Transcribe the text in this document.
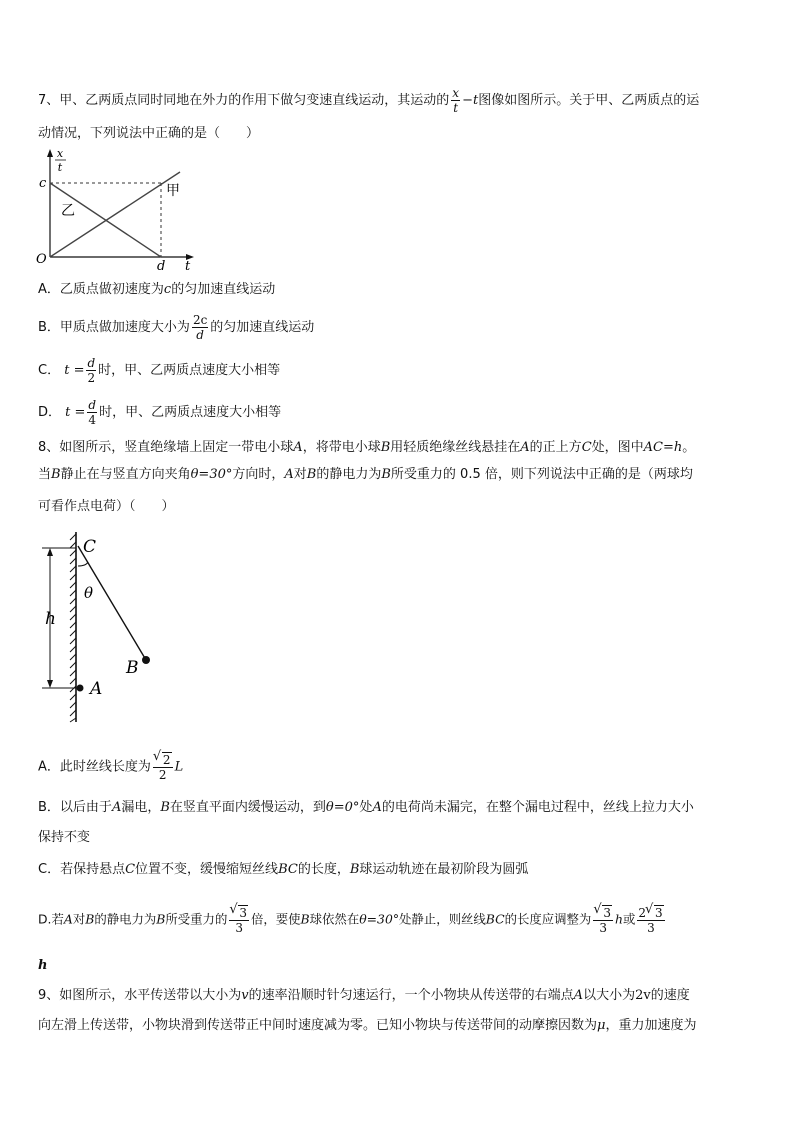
7、甲、乙两质点同时同地在外力的作用下做匀变速直线运动，其运动的 $\frac{x}{t} -t$图像如图所示。关于甲、乙两质点的运
动情况，下列说法中正确的是（　　）
x
t
c
O	d t
甲
乙
A．乙质点做初速度为c的匀加速直线运动
B．甲质点做加速度大小为 $\frac{2c}{d}$ 的匀加速直线运动
C． $t = \frac{d}{2}$ 时，甲、乙两质点速度大小相等
D． $t = \frac{d}{4}$ 时，甲、乙两质点速度大小相等
8、如图所示，竖直绝缘墙上固定一带电小球A，将带电小球B用轻质绝缘丝线悬挂在A的正上方C处，图中AC=h。
当B静止在与竖直方向夹角θ=30°方向时，A对B的静电力为B所受重力的 0.5 倍，则下列说法中正确的是（两球均
可看作点电荷）（　　）
C
θ
h
B
A
A．此时丝线长度为 √ $\frac{2}{2}$ L
B．以后由于A漏电，B在竖直平面内缓慢运动，到θ=0°处A的电荷尚未漏完，在整个漏电过程中，丝线上拉力大小
保持不变
C．若保持悬点C位置不变，缓慢缩短丝线BC的长度，B球运动轨迹在最初阶段为圆弧
D.若A对B的静电力为B所受重力的 √ $\frac{3}{3}$ 倍，要使B球依然在θ=30°处静止，则丝线BC的长度应调整为 √ $\frac{3}{3}$ h或 $\frac{2 √ 3}{3}$
h
9、如图所示，水平传送带以大小为v的速率沿顺时针匀速运行，一个小物块从传送带的右端点A以大小为2v的速度
向左滑上传送带，小物块滑到传送带正中间时速度减为零。已知小物块与传送带间的动摩擦因数为μ，重力加速度为
